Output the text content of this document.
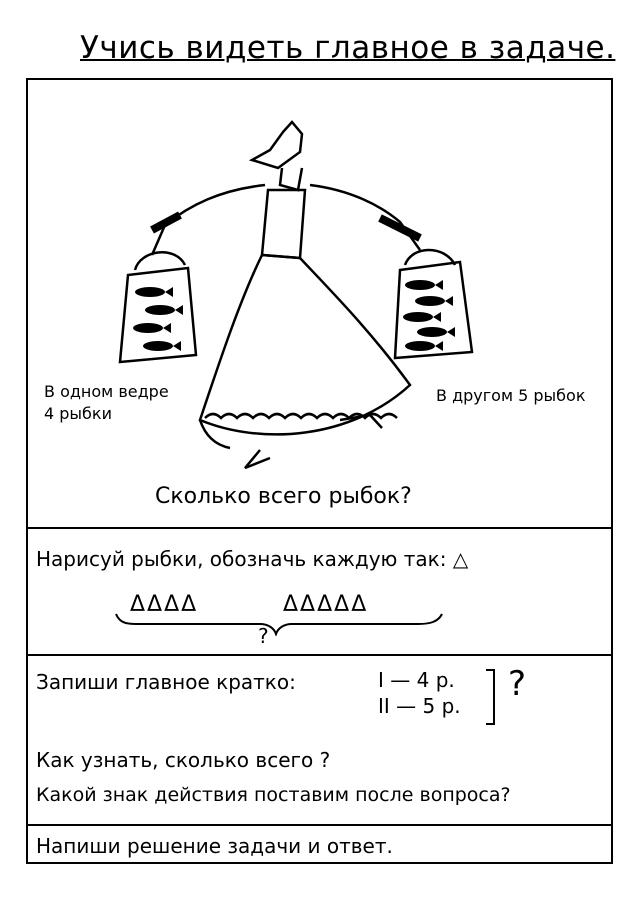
Учись видеть главное в задаче.
В одном ведре
4 рыбки
В другом 5 рыбок
Сколько всего рыбок?
Нарисуй рыбки, обозначь каждую так: △
ΔΔΔΔ	ΔΔΔΔΔ
?
Запиши главное кратко:	I — 4 р.
II — 5 р.
?
Как узнать, сколько всего ?
Какой знак действия поставим после вопроса?
Напиши решение задачи и ответ.
